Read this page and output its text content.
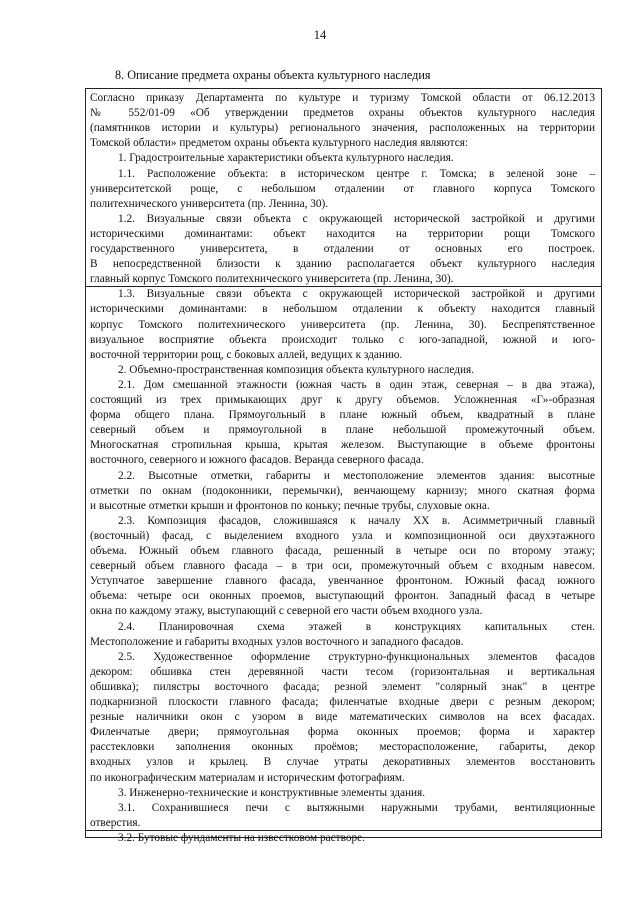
14
8. Описание предмета охраны объекта культурного наследия
Согласно приказу Департамента по культуре и туризму Томской области от 06.12.2013
№ 552/01-09 «Об утверждении предметов охраны объектов культурного наследия
(памятников истории и культуры) регионального значения, расположенных на территории
Томской области» предметом охраны объекта культурного наследия являются:
1. Градостроительные характеристики объекта культурного наследия.
1.1. Расположение объекта: в историческом центре г. Томска; в зеленой зоне –
университетской роще, с небольшом отдалении от главного корпуса Томского
политехнического университета (пр. Ленина, 30).
1.2. Визуальные связи объекта с окружающей исторической застройкой и другими
историческими доминантами: объект находится на территории рощи Томского
государственного университета, в отдалении от основных его построек.
В непосредственной близости к зданию располагается объект культурного наследия
главный корпус Томского политехнического университета (пр. Ленина, 30).
1.3. Визуальные связи объекта с окружающей исторической застройкой и другими
историческими доминантами: в небольшом отдалении к объекту находится главный
корпус Томского политехнического университета (пр. Ленина, 30). Беспрепятственное
визуальное восприятие объекта происходит только с юго-западной, южной и юго-
восточной территории рощ, с боковых аллей, ведущих к зданию.
2. Объемно-пространственная композиция объекта культурного наследия.
2.1. Дом смешанной этажности (южная часть в один этаж, северная – в два этажа),
состоящий из трех примыкающих друг к другу объемов. Усложненная «Г»-образная
форма общего плана. Прямоугольный в плане южный объем, квадратный в плане
северный объем и прямоугольной в плане небольшой промежуточный объем.
Многоскатная стропильная крыша, крытая железом. Выступающие в объеме фронтоны
восточного, северного и южного фасадов. Веранда северного фасада.
2.2. Высотные отметки, габариты и местоположение элементов здания: высотные
отметки по окнам (подоконники, перемычки), венчающему карнизу; много скатная форма
и высотные отметки крыши и фронтонов по коньку; печные трубы, слуховые окна.
2.3. Композиция фасадов, сложившаяся к началу XX в. Асимметричный главный
(восточный) фасад, с выделением входного узла и композиционной оси двухэтажного
объема. Южный объем главного фасада, решенный в четыре оси по второму этажу;
северный объем главного фасада – в три оси, промежуточный объем с входным навесом.
Уступчатое завершение главного фасада, увенчанное фронтоном. Южный фасад южного
объема: четыре оси оконных проемов, выступающий фронтон. Западный фасад в четыре
окна по каждому этажу, выступающий с северной его части объем входного узла.
2.4. Планировочная схема этажей в конструкциях капитальных стен.
Местоположение и габариты входных узлов восточного и западного фасадов.
2.5. Художественное оформление структурно-функциональных элементов фасадов
декором: обшивка стен деревянной части тесом (горизонтальная и вертикальная
обшивка); пилястры восточного фасада; резной элемент "солярный знак" в центре
подкарнизной плоскости главного фасада; филенчатые входные двери с резным декором;
резные наличники окон с узором в виде математических символов на всех фасадах.
Филенчатые двери; прямоугольная форма оконных проемов; форма и характер
расстекловки заполнения оконных проёмов; месторасположение, габариты, декор
входных узлов и крылец. В случае утраты декоративных элементов восстановить
по иконографическим материалам и историческим фотографиям.
3. Инженерно-технические и конструктивные элементы здания.
3.1. Сохранившиеся печи с вытяжными наружными трубами, вентиляционные
отверстия.
3.2. Бутовые фундаменты на известковом растворе.
